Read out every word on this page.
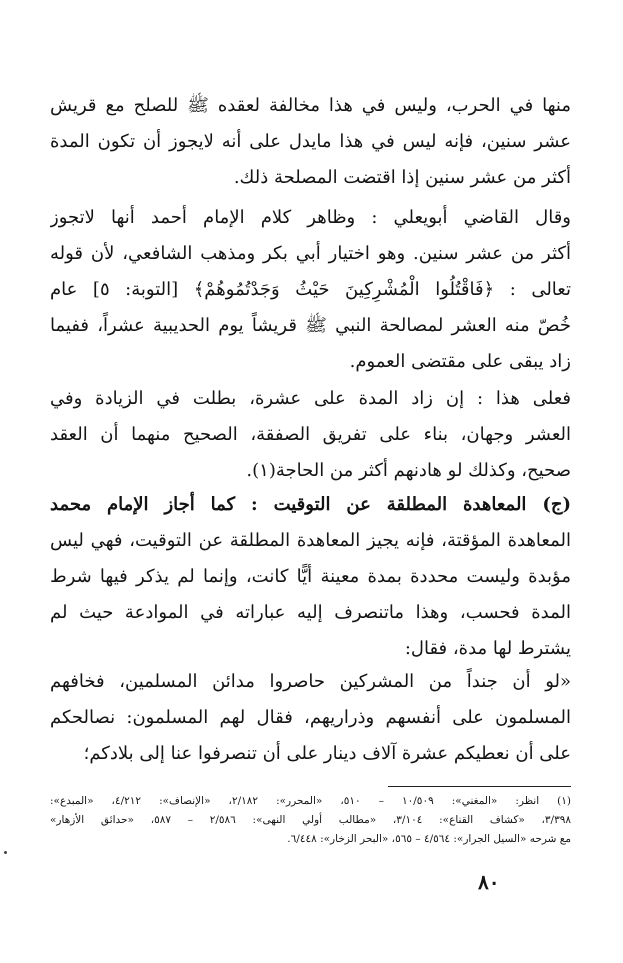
منها في الحرب، وليس في هذا مخالفة لعقده ﷺ للصلح مع قريش
عشر سنين، فإنه ليس في هذا مايدل على أنه لايجوز أن تكون المدة
أكثر من عشر سنين إذا اقتضت المصلحة ذلك.
وقال القاضي أبويعلي : وظاهر كلام الإمام أحمد أنها لاتجوز
أكثر من عشر سنين. وهو اختيار أبي بكر ومذهب الشافعي، لأن قوله
تعالى : ﴿فَاقْتُلُوا الْمُشْرِكِينَ حَيْثُ وَجَدْتُمُوهُمْ﴾ [التوبة: ٥] عام
خُصّ منه العشر لمصالحة النبي ﷺ قريشاً يوم الحديبية عشراً، ففيما
زاد يبقى على مقتضى العموم.
فعلى هذا : إن زاد المدة على عشرة، بطلت في الزيادة وفي
العشر وجهان، بناء على تفريق الصفقة، الصحيح منهما أن العقد
صحيح، وكذلك لو هادنهم أكثر من الحاجة(١).
(ج) المعاهدة المطلقة عن التوقيت : كما أجاز الإمام محمد
المعاهدة المؤقتة، فإنه يجيز المعاهدة المطلقة عن التوقيت، فهي ليس
مؤبدة وليست محددة بمدة معينة أيًّا كانت، وإنما لم يذكر فيها شرط
المدة فحسب، وهذا ماتنصرف إليه عباراته في الموادعة حيث لم
يشترط لها مدة، فقال:
«لو أن جنداً من المشركين حاصروا مدائن المسلمين، فخافهم
المسلمون على أنفسهم وذراريهم، فقال لهم المسلمون: نصالحكم
على أن نعطيكم عشرة آلاف دينار على أن تنصرفوا عنا إلى بلادكم؛
(١) انظر: «المغني»: ١٠/٥٠٩ – ٥١٠، «المحرر»: ٢/١٨٢، «الإنصاف»: ٤/٢١٢، «المبدع»:
٣/٣٩٨، «كشاف القناع»: ٣/١٠٤، «مطالب أولي النهى»: ٢/٥٨٦ – ٥٨٧، «حدائق الأزهار»
مع شرحه «السيل الجرار»: ٤/٥٦٤ – ٥٦٥، «البحر الزخار»: ٦/٤٤٨.
٨٠
